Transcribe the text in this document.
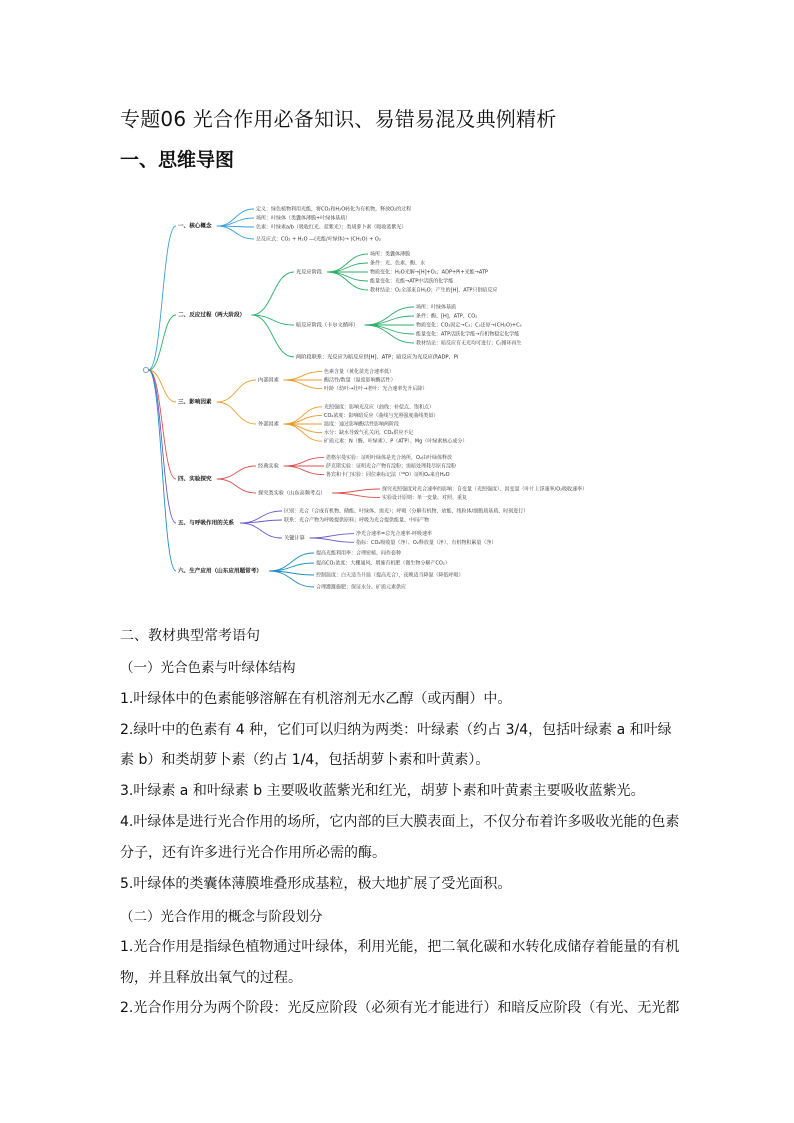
专题06 光合作用必备知识、易错易混及典例精析
一、思维导图
一、核心概念
定义：绿色植物利用光能，将CO₂和H₂O转化为有机物，释放O₂的过程
场所：叶绿体（类囊体薄膜+叶绿体基质）
色素：叶绿素a/b（吸收红光、蓝紫光）；类胡萝卜素（吸收蓝紫光）
总反应式：CO₂ + H₂O —(光能/叶绿体)→ (CH₂O) + O₂
二、反应过程（两大阶段）
光反应阶段
场所：类囊体薄膜
条件：光、色素、酶、水
物质变化：H₂O光解→[H]+O₂；ADP+Pi+光能→ATP
能量变化：光能→ATP中活跃的化学能
教材结论：O₂全部来自H₂O；产生的[H]、ATP只供暗反应
暗反应阶段（卡尔文循环）
场所：叶绿体基质
条件：酶、[H]、ATP、CO₂
物质变化：CO₂固定→C₃；C₃还原→(CH₂O)+C₅
能量变化：ATP活跃化学能→有机物稳定化学能
教材结论：暗反应有无光均可进行；C₅循环再生
两阶段联系：光反应为暗反应供[H]、ATP；暗反应为光反应供ADP、Pi
三、影响因素
内部因素
色素含量（黄化苗光合速率低）
酶活性/数量（温度影响酶活性）
叶龄（幼叶→壮叶→老叶：光合速率先升后降）
外部因素
光照强度：影响光反应（曲线：补偿点、饱和点）
CO₂浓度：影响暗反应（曲线与光照强度曲线类似）
温度：通过影响酶活性影响两阶段
水分：缺水导致气孔关闭，CO₂供应不足
矿质元素：N（酶、叶绿素）、P（ATP）、Mg（叶绿素核心成分）
四、实验探究
经典实验
恩格尔曼实验：证明叶绿体是光合场所，O₂由叶绿体释放
萨克斯实验：证明光合产物有淀粉；需暗处理耗尽原有淀粉
鲁宾和卡门实验：同位素标记法（¹⁸O）证明O₂来自H₂O
探究类实验（山东高频考点）
探究光照强度对光合速率的影响：自变量（光照强度）、因变量（叶片上浮速率/O₂吸收速率）
实验设计原则：单一变量、对照、重复
五、与呼吸作用的关系
区别：光合（合成有机物、储能、叶绿体、需光）；呼吸（分解有机物、放能、线粒体/细胞质基质、时刻进行）
联系：光合产物为呼吸提供原料；呼吸为光合提供能量、中间产物
关键计算
净光合速率=总光合速率-呼吸速率
指标：CO₂吸收量（净）、O₂释放量（净）、有机物积累量（净）
六、生产应用（山东应用题常考）
提高光能利用率：合理密植、间作套种
提高CO₂浓度：大棚通风、增施有机肥（微生物分解产CO₂）
控制温度：白天适当升温（提高光合），夜晚适当降温（降低呼吸）
合理灌溉施肥：保证水分、矿质元素供应
二、教材典型常考语句
（一）光合色素与叶绿体结构
1.叶绿体中的色素能够溶解在有机溶剂无水乙醇（或丙酮）中。
2.绿叶中的色素有 4 种，它们可以归纳为两类：叶绿素（约占 3/4，包括叶绿素 a 和叶绿
素 b）和类胡萝卜素（约占 1/4，包括胡萝卜素和叶黄素）。
3.叶绿素 a 和叶绿素 b 主要吸收蓝紫光和红光，胡萝卜素和叶黄素主要吸收蓝紫光。
4.叶绿体是进行光合作用的场所，它内部的巨大膜表面上，不仅分布着许多吸收光能的色素
分子，还有许多进行光合作用所必需的酶。
5.叶绿体的类囊体薄膜堆叠形成基粒，极大地扩展了受光面积。
（二）光合作用的概念与阶段划分
1.光合作用是指绿色植物通过叶绿体，利用光能，把二氧化碳和水转化成储存着能量的有机
物，并且释放出氧气的过程。
2.光合作用分为两个阶段：光反应阶段（必须有光才能进行）和暗反应阶段（有光、无光都
